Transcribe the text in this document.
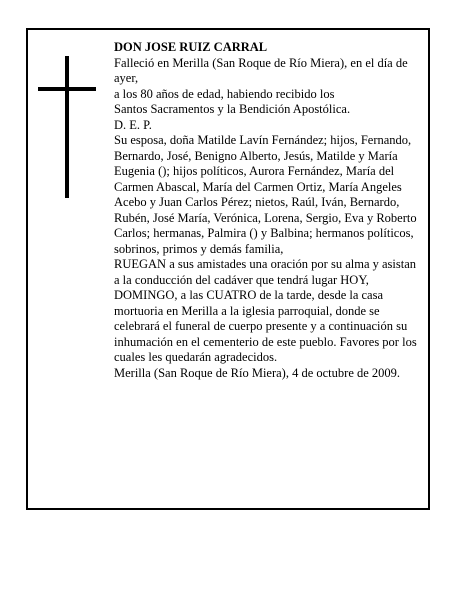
DON JOSE RUIZ CARRAL

Falleció en Merilla (San Roque de Río Miera), en el día de ayer,

a los 80 años de edad, habiendo recibido los

Santos Sacramentos y la Bendición Apostólica.

D. E. P.

Su esposa, doña Matilde Lavín Fernández; hijos, Fernando, Bernardo, José, Benigno Alberto, Jesús, Matilde y María Eugenia (); hijos políticos, Aurora Fernández, María del Carmen Abascal, María del Carmen Ortiz, María Angeles Acebo y Juan Carlos Pérez; nietos, Raúl, Iván, Bernardo, Rubén, José María, Verónica, Lorena, Sergio, Eva y Roberto Carlos; hermanas, Palmira () y Balbina; hermanos políticos, sobrinos, primos y demás familia,

RUEGAN a sus amistades una oración por su alma y asistan a la conducción del cadáver que tendrá lugar HOY, DOMINGO, a las CUATRO de la tarde, desde la casa mortuoria en Merilla a la iglesia parroquial, donde se celebrará el funeral de cuerpo presente y a continuación su inhumación en el cementerio de este pueblo. Favores por los cuales les quedarán agradecidos.

Merilla (San Roque de Río Miera), 4 de octubre de 2009.
